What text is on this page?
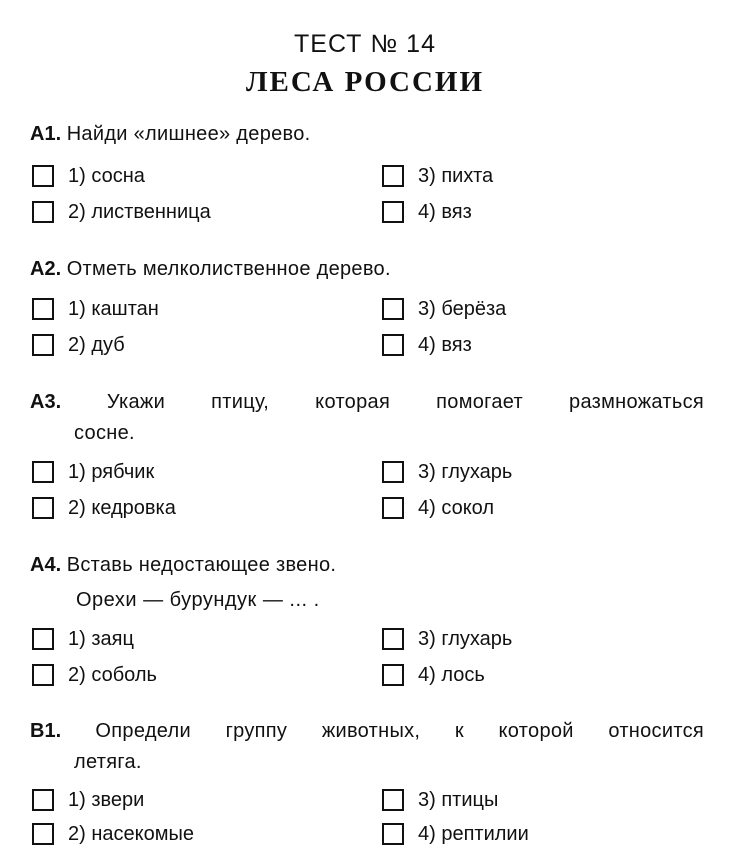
ТЕСТ № 14
ЛЕСА РОССИИ
A1. Найди «лишнее» дерево.
1) сосна	3) пихта
2) лиственница	4) вяз
A2. Отметь мелколиственное дерево.
1) каштан	3) берёза
2) дуб	4) вяз
A3. Укажи птицу, которая помогает размножаться
сосне.
1) рябчик	3) глухарь
2) кедровка	4) сокол
A4. Вставь недостающее звено.
Орехи — бурундук — ... .
1) заяц	3) глухарь
2) соболь	4) лось
B1. Определи группу животных, к которой относится
летяга.
1) звери	3) птицы
2) насекомые	4) рептилии
